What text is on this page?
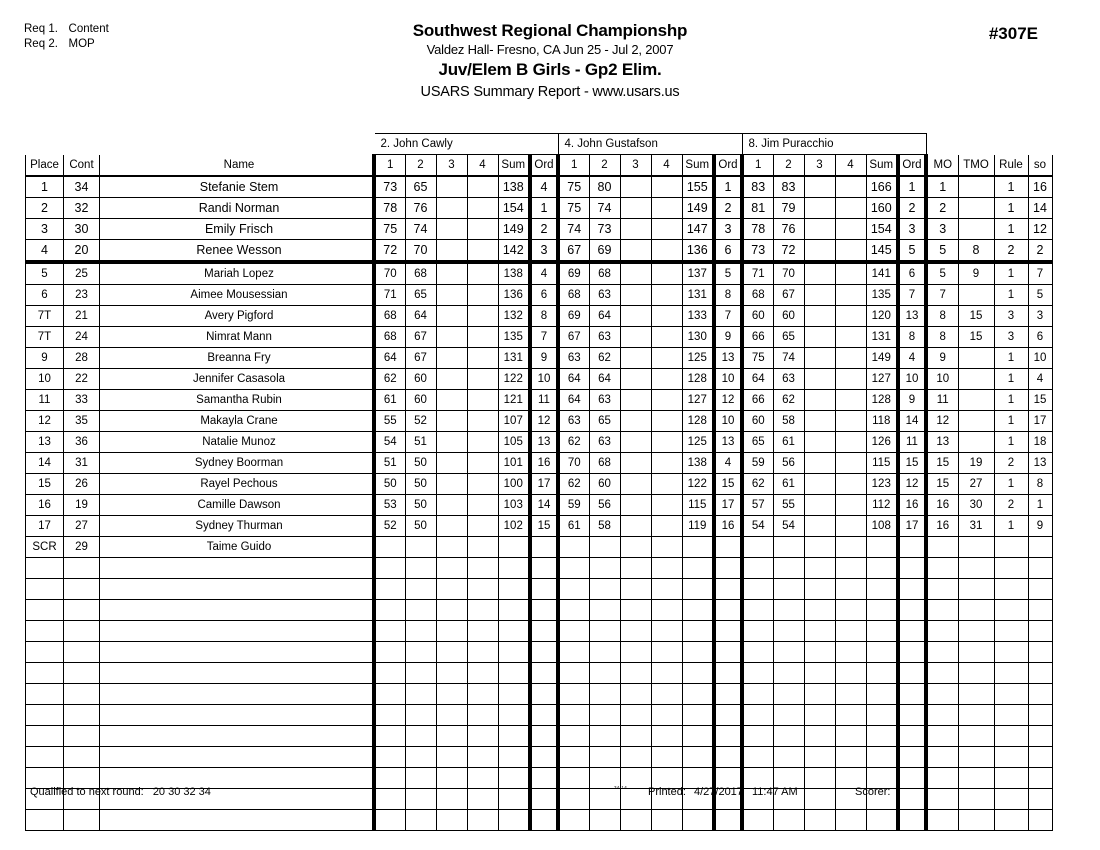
Req 1. Content
Req 2. MOP
Southwest Regional Championshp
Valdez Hall- Fresno, CA Jun 25 - Jul 2, 2007
Juv/Elem B Girls - Gp2 Elim.
USARS Summary Report - www.usars.us
#307E
			2. John Cawly						4. John Gustafson						8. Jim Puracchio									
Place	Cont	Name	1	2	3	4	Sum	Ord	1	2	3	4	Sum	Ord	1	2	3	4	Sum	Ord	MO	TMO	Rule	so
1	34	Stefanie Stem	73	65			138	4	75	80			155	1	83	83			166	1	1		1	16
2	32	Randi Norman	78	76			154	1	75	74			149	2	81	79			160	2	2		1	14
3	30	Emily Frisch	75	74			149	2	74	73			147	3	78	76			154	3	3		1	12
4	20	Renee Wesson	72	70			142	3	67	69			136	6	73	72			145	5	5	8	2	2
5	25	Mariah Lopez	70	68			138	4	69	68			137	5	71	70			141	6	5	9	1	7
6	23	Aimee Mousessian	71	65			136	6	68	63			131	8	68	67			135	7	7		1	5
7T	21	Avery Pigford	68	64			132	8	69	64			133	7	60	60			120	13	8	15	3	3
7T	24	Nimrat Mann	68	67			135	7	67	63			130	9	66	65			131	8	8	15	3	6
9	28	Breanna Fry	64	67			131	9	63	62			125	13	75	74			149	4	9		1	10
10	22	Jennifer Casasola	62	60			122	10	64	64			128	10	64	63			127	10	10		1	4
11	33	Samantha Rubin	61	60			121	11	64	63			127	12	66	62			128	9	11		1	15
12	35	Makayla Crane	55	52			107	12	63	65			128	10	60	58			118	14	12		1	17
13	36	Natalie Munoz	54	51			105	13	62	63			125	13	65	61			126	11	13		1	18
14	31	Sydney Boorman	51	50			101	16	70	68			138	4	59	56			115	15	15	19	2	13
15	26	Rayel Pechous	50	50			100	17	62	60			122	15	62	61			123	12	15	27	1	8
16	19	Camille Dawson	53	50			103	14	59	56			115	17	57	55			112	16	16	30	2	1
17	27	Sydney Thurman	52	50			102	15	61	58			119	16	54	54			108	17	16	31	1	9
SCR	29	Taime Guido																						

Qualified to next round: 20 30 32 34	34-14 Printed: 4/27/2017 11:47 AM	Scorer:
